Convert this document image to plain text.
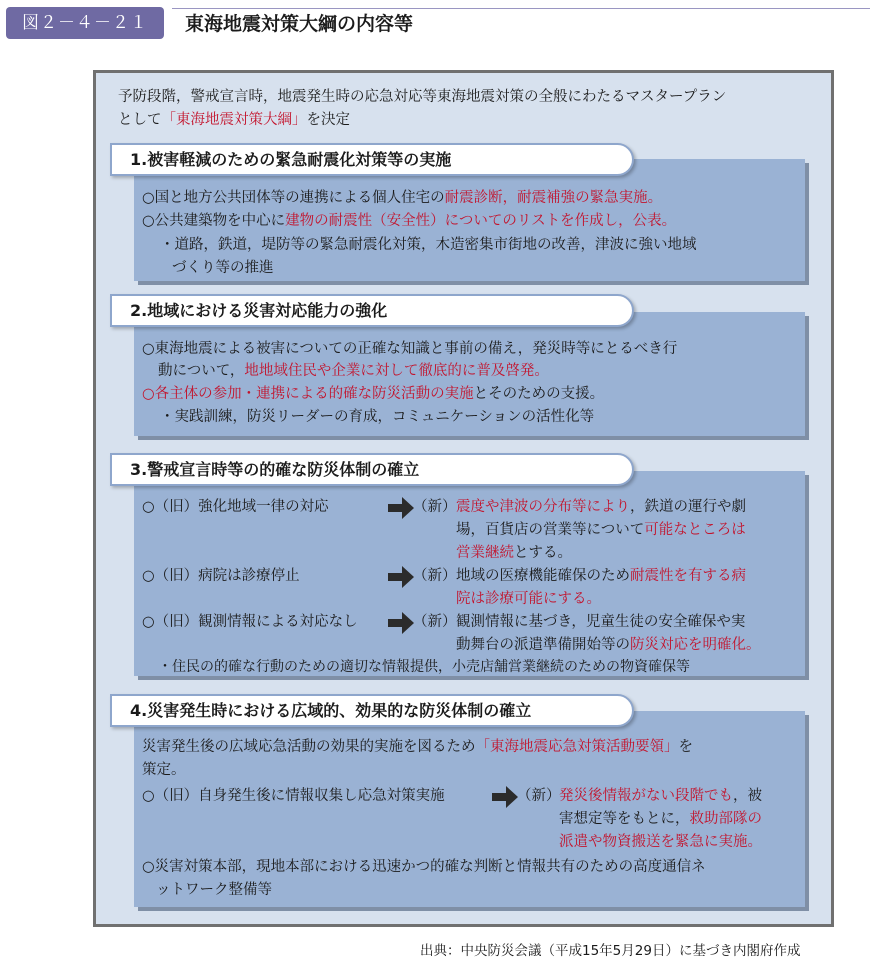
図２－４－２１	東海地震対策大綱の内容等
予防段階，警戒宣言時，地震発生時の応急対応等東海地震対策の全般にわたるマスタープラン
として「東海地震対策大綱」を決定
1.被害軽減のための緊急耐震化対策等の実施
○国と地方公共団体等の連携による個人住宅の耐震診断，耐震補強の緊急実施。
○公共建築物を中心に建物の耐震性（安全性）についてのリストを作成し，公表。
・道路，鉄道，堤防等の緊急耐震化対策，木造密集市街地の改善，津波に強い地域
づくり等の推進
2.地域における災害対応能力の強化
○東海地震による被害についての正確な知識と事前の備え，発災時等にとるべき行
動について，地地域住民や企業に対して徹底的に普及啓発。
○各主体の参加・連携による的確な防災活動の実施とそのための支援。
・実践訓練，防災リーダーの育成，コミュニケーションの活性化等
3.警戒宣言時等の的確な防災体制の確立
○（旧）強化地域一律の対応	（新） 震度や津波の分布等により，鉄道の運行や劇
場，百貨店の営業等について可能なところは
営業継続とする。
○（旧）病院は診療停止	（新） 地域の医療機能確保のため耐震性を有する病
院は診療可能にする。
○（旧）観測情報による対応なし	（新） 観測情報に基づき，児童生徒の安全確保や実
動舞台の派遣準備開始等の防災対応を明確化。
・住民の的確な行動のための適切な情報提供，小売店舗営業継続のための物資確保等
4.災害発生時における広域的、効果的な防災体制の確立
災害発生後の広域応急活動の効果的実施を図るため「東海地震応急対策活動要領」を
策定。
○（旧）自身発生後に情報収集し応急対策実施	（新）
発災後情報がない段階でも，被
害想定等をもとに，救助部隊の
派遣や物資搬送を緊急に実施。
○災害対策本部，現地本部における迅速かつ的確な判断と情報共有のための高度通信ネ
ットワーク整備等
出典：中央防災会議（平成15年5月29日）に基づき内閣府作成
